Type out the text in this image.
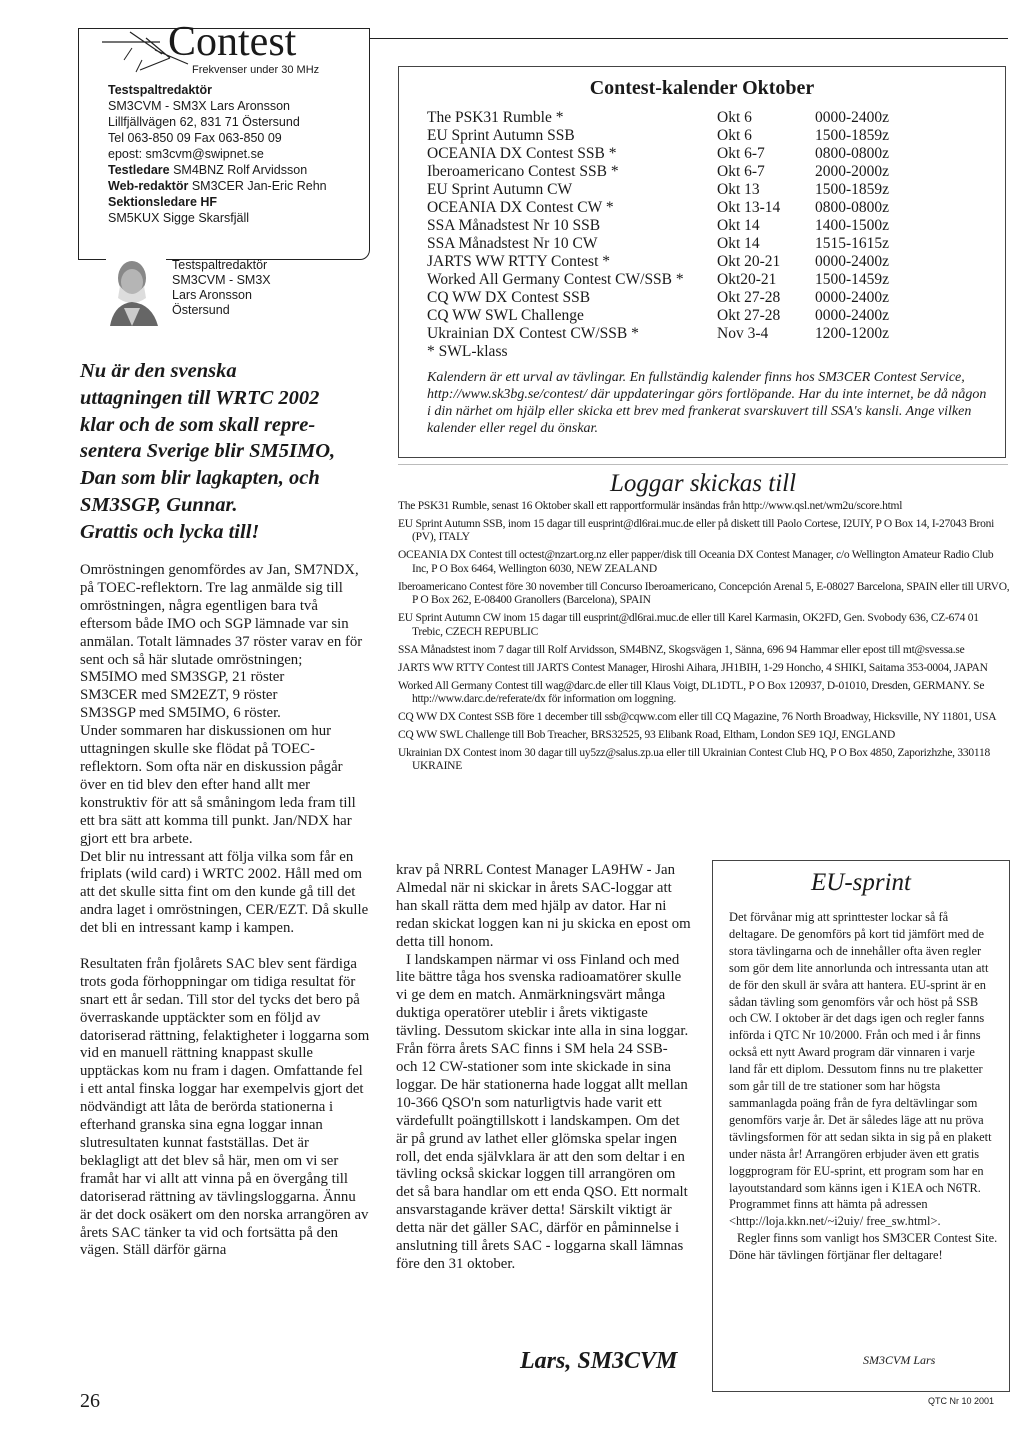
Contest
Frekvenser under 30 MHz
Testspaltredaktör
SM3CVM - SM3X Lars Aronsson
Lillfjällvägen 62, 831 71 Östersund
Tel 063-850 09 Fax 063-850 09
epost: sm3cvm@swipnet.se
Testledare SM4BNZ Rolf Arvidsson
Web-redaktör SM3CER Jan-Eric Rehn
Sektionsledare HF
SM5KUX Sigge Skarsfjäll
Testspaltredaktör
SM3CVM - SM3X
Lars Aronsson
Östersund
Contest-kalender Oktober
The PSK31 Rumble *	Okt 6	0000-2400z
EU Sprint Autumn SSB	Okt 6	1500-1859z
OCEANIA DX Contest SSB *	Okt 6-7	0800-0800z
Iberoamericano Contest SSB *	Okt 6-7	2000-2000z
EU Sprint Autumn CW	Okt 13	1500-1859z
OCEANIA DX Contest CW *	Okt 13-14	0800-0800z
SSA Månadstest Nr 10 SSB	Okt 14	1400-1500z
SSA Månadstest Nr 10 CW	Okt 14	1515-1615z
JARTS WW RTTY Contest *	Okt 20-21	0000-2400z
Worked All Germany Contest CW/SSB *	Okt20-21	1500-1459z
CQ WW DX Contest SSB	Okt 27-28	0000-2400z
CQ WW SWL Challenge	Okt 27-28	0000-2400z
Ukrainian DX Contest CW/SSB *	Nov 3-4	1200-1200z
* SWL-klass
Kalendern är ett urval av tävlingar. En fullständig kalender finns hos SM3CER Contest Service, http://www.sk3bg.se/contest/ där uppdateringar görs fortlöpande. Har du inte internet, be då någon i din närhet om hjälp eller skicka ett brev med frankerat svarskuvert till SSA's kansli. Ange vilken kalender eller regel du önskar.
Loggar skickas till

The PSK31 Rumble, senast 16 Oktober skall ett rapportformulär insändas från http://www.qsl.net/wm2u/score.html

EU Sprint Autumn SSB, inom 15 dagar till eusprint@dl6rai.muc.de eller på diskett till Paolo Cortese, I2UIY, P O Box 14, I-27043 Broni (PV), ITALY

OCEANIA DX Contest till octest@nzart.org.nz eller papper/disk till Oceania DX Contest Manager, c/o Wellington Amateur Radio Club Inc, P O Box 6464, Wellington 6030, NEW ZEALAND

Iberoamericano Contest före 30 november till Concurso Iberoamericano, Concepción Arenal 5, E-08027 Barcelona, SPAIN eller till URVO, P O Box 262, E-08400 Granollers (Barcelona), SPAIN

EU Sprint Autumn CW inom 15 dagar till eusprint@dl6rai.muc.de eller till Karel Karmasin, OK2FD, Gen. Svobody 636, CZ-674 01 Trebic, CZECH REPUBLIC

SSA Månadstest inom 7 dagar till Rolf Arvidsson, SM4BNZ, Skogsvägen 1, Sänna, 696 94 Hammar eller epost till mt@svessa.se

JARTS WW RTTY Contest till JARTS Contest Manager, Hiroshi Aihara, JH1BIH, 1-29 Honcho, 4 SHIKI, Saitama 353-0004, JAPAN

Worked All Germany Contest till wag@darc.de eller till Klaus Voigt, DL1DTL, P O Box 120937, D-01010, Dresden, GERMANY. Se http://www.darc.de/referate/dx för information om loggning.

CQ WW DX Contest SSB före 1 december till ssb@cqww.com eller till CQ Magazine, 76 North Broadway, Hicksville, NY 11801, USA

CQ WW SWL Challenge till Bob Treacher, BRS32525, 93 Elibank Road, Eltham, London SE9 1QJ, ENGLAND

Ukrainian DX Contest inom 30 dagar till uy5zz@salus.zp.ua eller till Ukrainian Contest Club HQ, P O Box 4850, Zaporizhzhe, 330118 UKRAINE

Nu är den svenska
uttagningen till WRTC 2002
klar och de som skall repre-
sentera Sverige blir SM5IMO,
Dan som blir lagkapten, och
SM3SGP, Gunnar.
Grattis och lycka till!

Omröstningen genomfördes av Jan, SM7NDX, på TOEC-reflektorn. Tre lag anmälde sig till omröstningen, några egentligen bara två eftersom både IMO och SGP lämnade var sin anmälan. Totalt lämnades 37 röster varav en för sent och så här slutade omröstningen;

SM5IMO med SM3SGP, 21 röster

SM3CER med SM2EZT, 9 röster

SM3SGP med SM5IMO, 6 röster.

Under sommaren har diskussionen om hur uttagningen skulle ske flödat på TOEC-reflektorn. Som ofta när en diskussion pågår över en tid blev den efter hand allt mer konstruktiv för att så småningom leda fram till ett bra sätt att komma till punkt. Jan/NDX har gjort ett bra arbete.

Det blir nu intressant att följa vilka som får en friplats (wild card) i WRTC 2002. Håll med om att det skulle sitta fint om den kunde gå till det andra laget i omröstningen, CER/EZT. Då skulle det bli en intressant kamp i kampen.

Resultaten från fjolårets SAC blev sent färdiga trots goda förhoppningar om tidiga resultat för snart ett år sedan. Till stor del tycks det bero på överraskande upptäckter som en följd av datoriserad rättning, felaktigheter i loggarna som vid en manuell rättning knappast skulle upptäckas kom nu fram i dagen. Omfattande fel i ett antal finska loggar har exempelvis gjort det nödvändigt att låta de berörda stationerna i efterhand granska sina egna loggar innan slutresultaten kunnat fastställas. Det är beklagligt att det blev så här, men om vi ser framåt har vi allt att vinna på en övergång till datoriserad rättning av tävlingsloggarna. Ännu är det dock osäkert om den norska arrangören av årets SAC tänker ta vid och fortsätta på den vägen. Ställ därför gärna

krav på NRRL Contest Manager LA9HW - Jan Almedal när ni skickar in årets SAC-loggar att han skall rätta dem med hjälp av dator. Har ni redan skickat loggen kan ni ju skicka en epost om detta till honom.

I landskampen närmar vi oss Finland och med lite bättre tåga hos svenska radioamatörer skulle vi ge dem en match. Anmärkningsvärt många duktiga operatörer uteblir i årets viktigaste tävling. Dessutom skickar inte alla in sina loggar. Från förra årets SAC finns i SM hela 24 SSB- och 12 CW-stationer som inte skickade in sina loggar. De här stationerna hade loggat allt mellan 10-366 QSO'n som naturligtvis hade varit ett värdefullt poängtillskott i landskampen. Om det är på grund av lathet eller glömska spelar ingen roll, det enda självklara är att den som deltar i en tävling också skickar loggen till arrangören om det så bara handlar om ett enda QSO. Ett normalt ansvarstagande kräver detta! Särskilt viktigt är detta när det gäller SAC, därför en påminnelse i anslutning till årets SAC - loggarna skall lämnas före den 31 oktober.

Lars, SM3CVM
EU-sprint

Det förvånar mig att sprinttester lockar så få deltagare. De genomförs på kort tid jämfört med de stora tävlingarna och de innehåller ofta även regler som gör dem lite annorlunda och intressanta utan att de för den skull är svåra att hantera. EU-sprint är en sådan tävling som genomförs vår och höst på SSB och CW. I oktober är det dags igen och regler fanns införda i QTC Nr 10/2000. Från och med i år finns också ett nytt Award program där vinnaren i varje land får ett diplom. Dessutom finns nu tre plaketter som går till de tre stationer som har högsta sammanlagda poäng från de fyra deltävlingar som genomförs varje år. Det är således läge att nu pröva tävlingsformen för att sedan sikta in sig på en plakett under nästa år! Arrangören erbjuder även ett gratis loggprogram för EU-sprint, ett program som har en layoutstandard som känns igen i K1EA och N6TR. Programmet finns att hämta på adressen <http://loja.kkn.net/~i2uiy/ free_sw.html>.

Regler finns som vanligt hos SM3CER Contest Site. Döne här tävlingen förtjänar fler deltagare!

SM3CVM Lars
26	QTC Nr 10 2001
